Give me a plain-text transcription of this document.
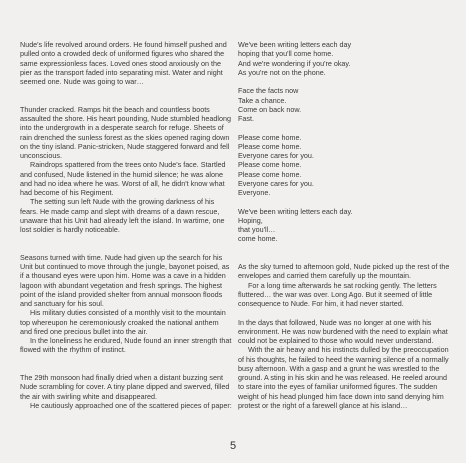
Nude's life revolved around orders. He found himself pushed and pulled onto a crowded deck of uniformed figures who shared the same expressionless faces. Loved ones stood anxiously on the pier as the transport faded into separating mist. Water and night seemed one. Nude was going to war…

Thunder cracked. Ramps hit the beach and countless boots assaulted the shore. His heart pounding, Nude stumbled headlong into the undergrowth in a desperate search for refuge. Sheets of rain drenched the sunless forest as the skies opened raging down on the tiny island. Panic-stricken, Nude staggered forward and fell unconscious.

Raindrops spattered from the trees onto Nude's face. Startled and confused, Nude listened in the humid silence; he was alone and had no idea where he was. Worst of all, he didn't know what had become of his Regiment.

The setting sun left Nude with the growing darkness of his fears. He made camp and slept with dreams of a dawn rescue, unaware that his Unit had already left the island. In wartime, one lost soldier is hardly noticeable.

Seasons turned with time. Nude had given up the search for his Unit but continued to move through the jungle, bayonet poised, as if a thousand eyes were upon him. Home was a cave in a hidden lagoon with abundant vegetation and fresh springs. The highest point of the island provided shelter from annual monsoon floods and sanctuary for his soul.

His military duties consisted of a monthly visit to the mountain top whereupon he ceremoniously croaked the national anthem and fired one precious bullet into the air.

In the loneliness he endured, Nude found an inner strength that flowed with the rhythm of instinct.

The 29th monsoon had finally dried when a distant buzzing sent Nude scrambling for cover. A tiny plane dipped and swerved, filled the air with swirling white and disappeared.

He cautiously approached one of the scattered pieces of paper:

We've been writing letters each day
hoping that you'll come home.
And we're wondering if you're okay.
As you're not on the phone.

Face the facts now
Take a chance.
Come on back now.
Fast.

Please come home.
Please come home.
Everyone cares for you.
Please come home.
Please come home.
Everyone cares for you.
Everyone.

We've been writing letters each day.
Hoping,
that you'll…
come home.

As the sky turned to afternoon gold, Nude picked up the rest of the envelopes and carried them carefully up the mountain.

For a long time afterwards he sat rocking gently. The letters fluttered… the war was over. Long Ago. But it seemed of little consequence to Nude. For him, it had never started.

In the days that followed, Nude was no longer at one with his environment. He was now burdened with the need to explain what could not be explained to those who would never understand.

With the air heavy and his instincts dulled by the preoccupation of his thoughts, he failed to heed the warning silence of a normally busy afternoon. With a gasp and a grunt he was wrestled to the ground. A sting in his skin and he was released. He reeled around to stare into the eyes of familiar uniformed figures. The sudden weight of his head plunged him face down into sand denying him protest or the right of a farewell glance at his island…

5
